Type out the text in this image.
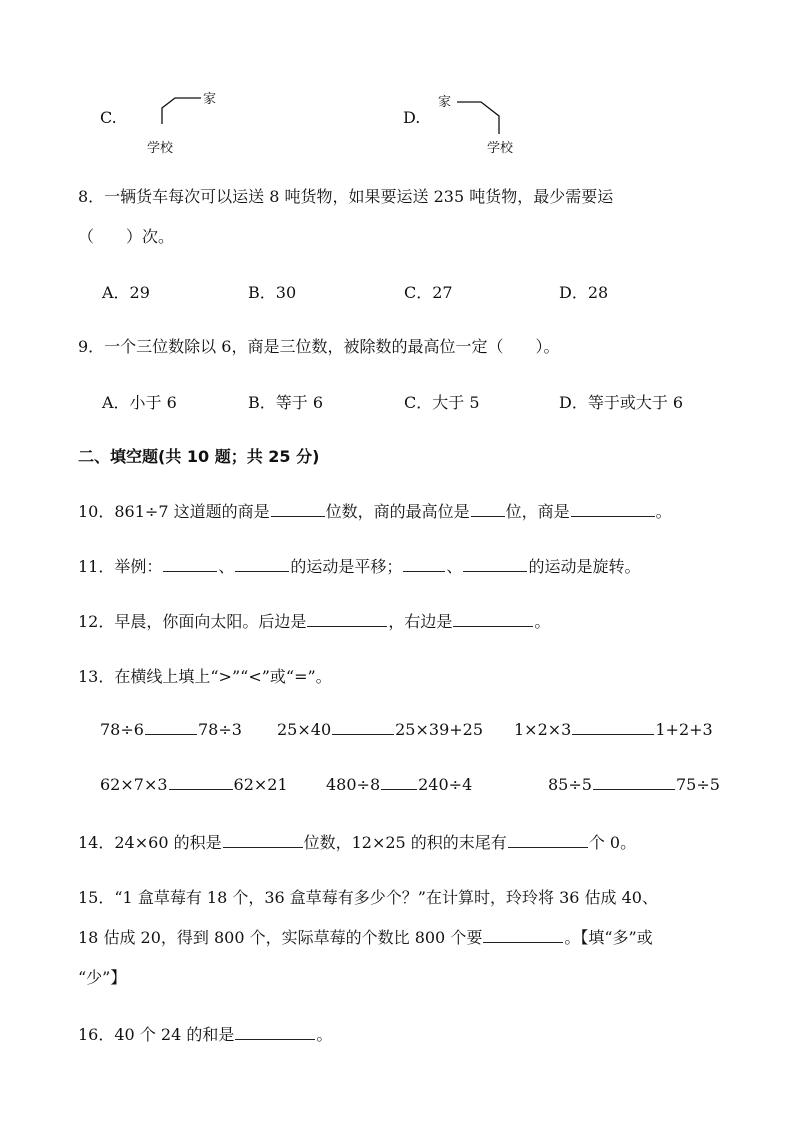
C.
家
学校
D.
家
学校
8．一辆货车每次可以运送 8 吨货物，如果要运送 235 吨货物，最少需要运
（　　）次。
A．29	B．30	C．27	D．28
9．一个三位数除以 6，商是三位数，被除数的最高位一定（　　）。
A．小于 6	B．等于 6	C．大于 5	D．等于或大于 6
二、填空题(共 10 题；共 25 分)
10．861÷7 这道题的商是	位数，商的最高位是 位，商是	。
11．举例：	、	的运动是平移；	、	的运动是旋转。
12．早晨，你面向太阳。后边是	，右边是	。
13．在横线上填上“>”“<”或“=”。
78÷6	78÷3 25×40	25×39+25 1×2×3	1+2+3
62×7×3	62×21 480÷8 240÷4	85÷5	75÷5
14．24×60 的积是	位数，12×25 的积的末尾有	个 0。
15．“1 盒草莓有 18 个，36 盒草莓有多少个？”在计算时，玲玲将 36 估成 40、
18 估成 20，得到 800 个，实际草莓的个数比 800 个要	。【填“多”或
“少”】
16．40 个 24 的和是	。
